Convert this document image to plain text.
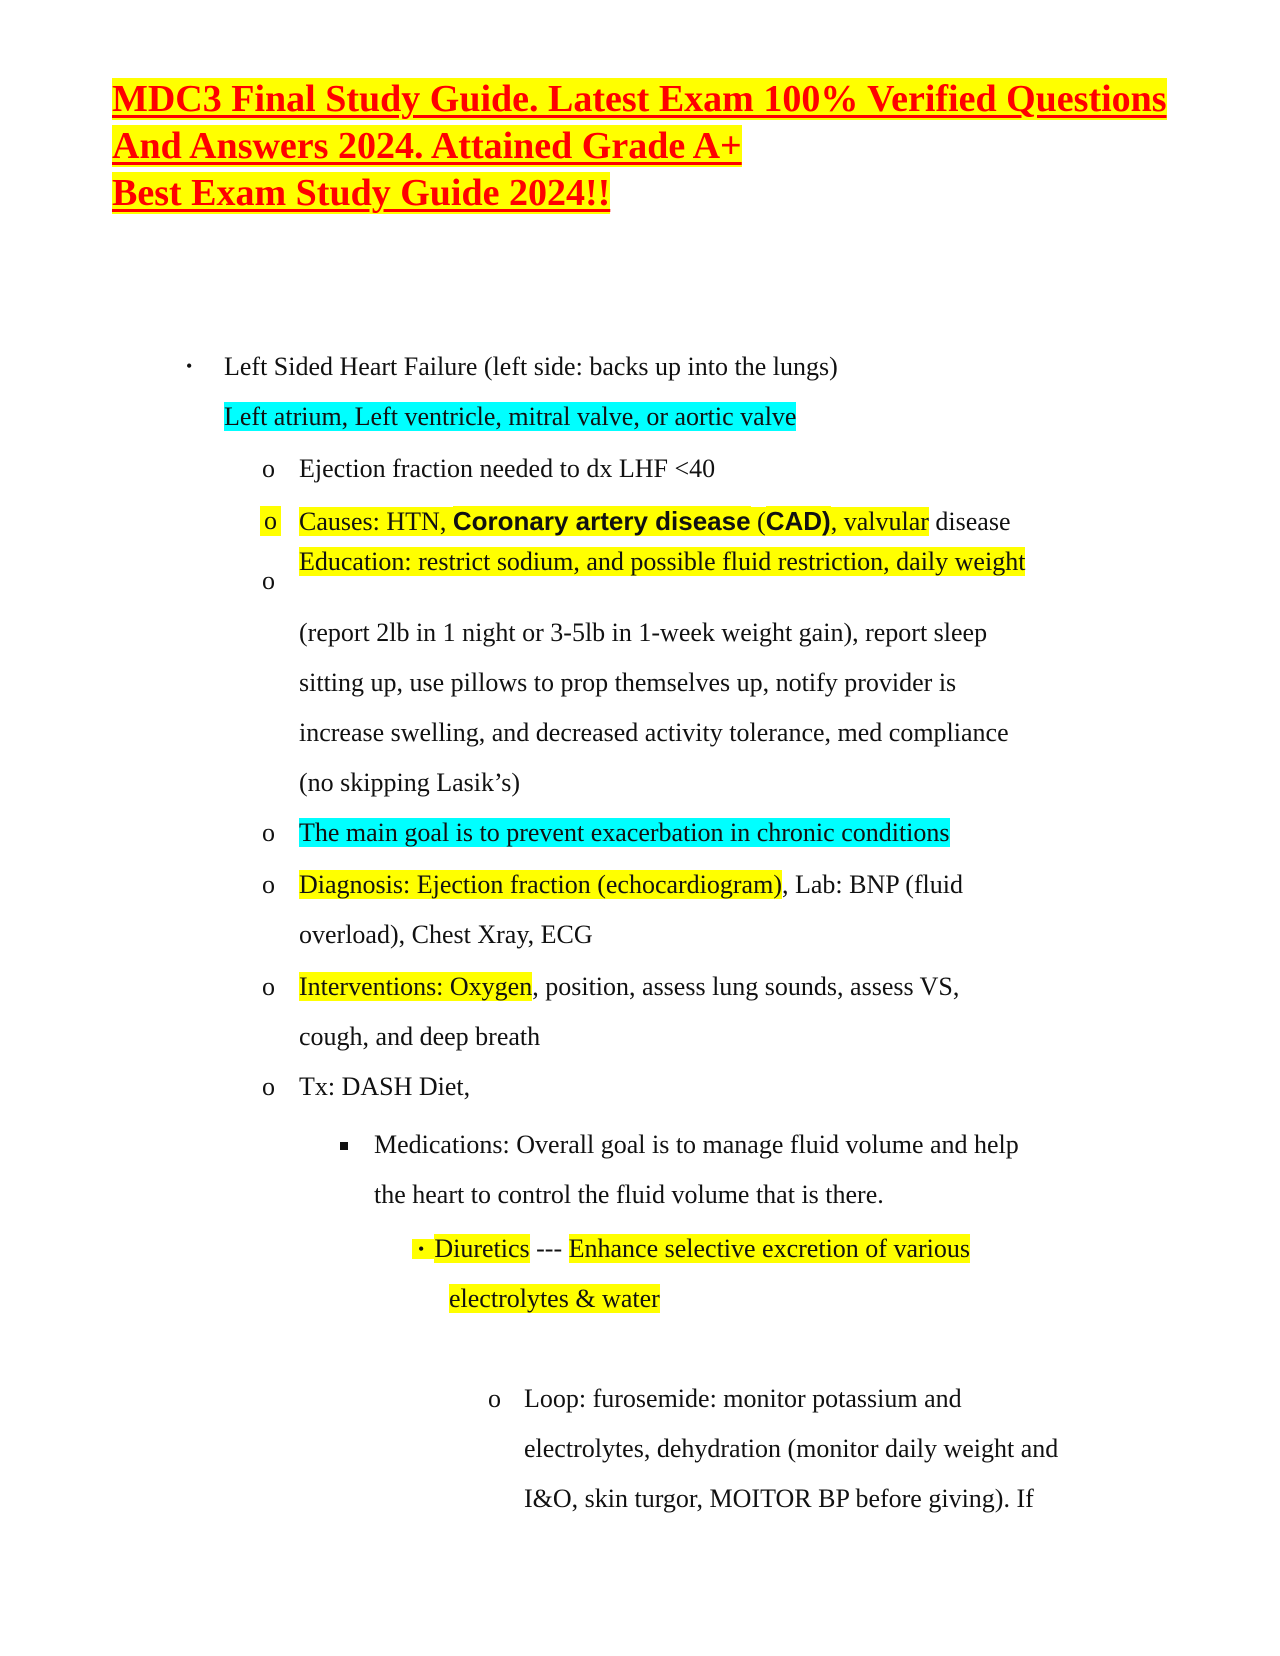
MDC3 Final Study Guide. Latest Exam 100% Verified Questions
And Answers 2024. Attained Grade A+
Best Exam Study Guide 2024!!
• Left Sided Heart Failure (left side: backs up into the lungs)
Left atrium, Left ventricle, mitral valve, or aortic valve
o Ejection fraction needed to dx LHF <40
o Causes: HTN, Coronary artery disease (CAD), valvular disease
Education: restrict sodium, and possible fluid restriction, daily weight
o
(report 2lb in 1 night or 3-5lb in 1-week weight gain), report sleep
sitting up, use pillows to prop themselves up, notify provider is
increase swelling, and decreased activity tolerance, med compliance
(no skipping Lasik’s)
o The main goal is to prevent exacerbation in chronic conditions
o Diagnosis: Ejection fraction (echocardiogram), Lab: BNP (fluid
overload), Chest Xray, ECG
o Interventions: Oxygen, position, assess lung sounds, assess VS,
cough, and deep breath
o Tx: DASH Diet,
Medications: Overall goal is to manage fluid volume and help
the heart to control the fluid volume that is there.
• Diuretics --- Enhance selective excretion of various
electrolytes & water
o Loop: furosemide: monitor potassium and
electrolytes, dehydration (monitor daily weight and
I&O, skin turgor, MOITOR BP before giving). If
